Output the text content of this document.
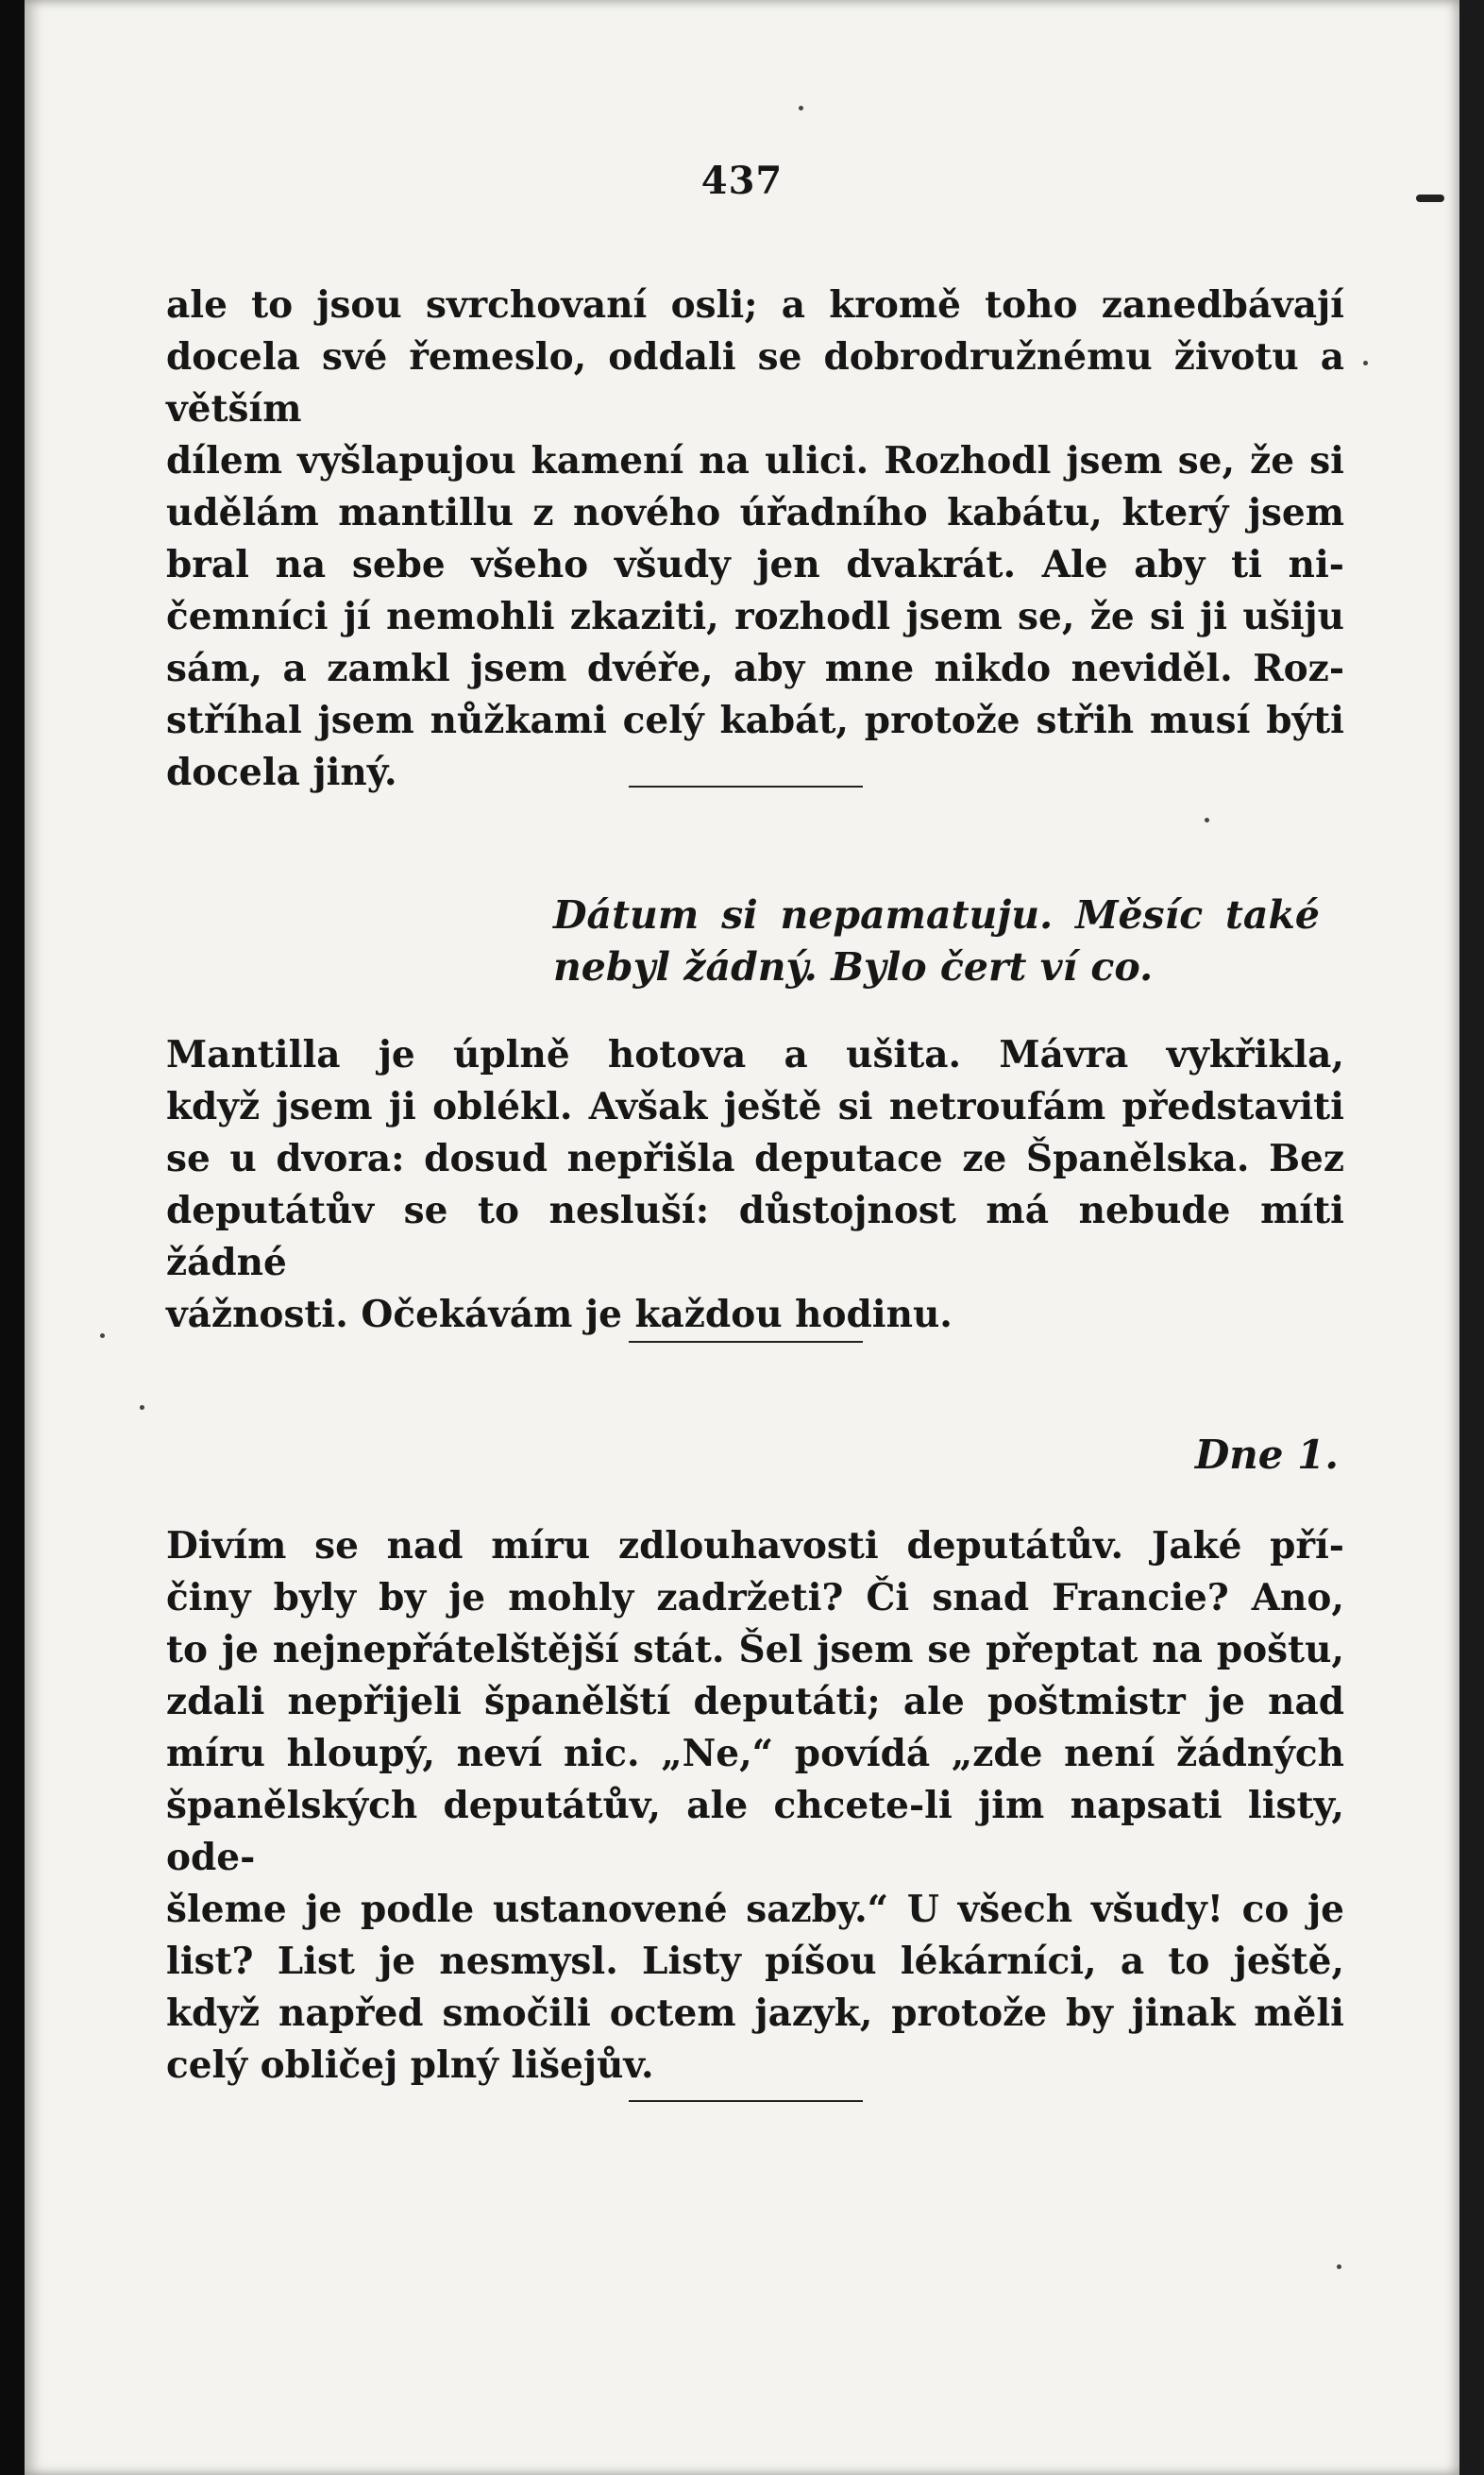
437
ale to jsou svrchovaní osli; a kromě toho zanedbávají
docela své řemeslo, oddali se dobrodružnému životu a větším
dílem vyšlapujou kamení na ulici. Rozhodl jsem se, že si
udělám mantillu z nového úřadního kabátu, který jsem
bral na sebe všeho všudy jen dvakrát. Ale aby ti ni-
čemníci jí nemohli zkaziti, rozhodl jsem se, že si ji ušiju
sám, a zamkl jsem dvéře, aby mne nikdo neviděl. Roz-
stříhal jsem nůžkami celý kabát, protože střih musí býti
docela jiný.
Dátum si nepamatuju. Měsíc také
nebyl žádný. Bylo čert ví co.
Mantilla je úplně hotova a ušita. Mávra vykřikla,
když jsem ji oblékl. Avšak ještě si netroufám představiti
se u dvora: dosud nepřišla deputace ze Španělska. Bez
deputátův se to nesluší: důstojnost má nebude míti žádné
vážnosti. Očekávám je každou hodinu.
Dne 1.
Divím se nad míru zdlouhavosti deputátův. Jaké pří-
činy byly by je mohly zadržeti? Či snad Francie? Ano,
to je nejnepřátelštější stát. Šel jsem se přeptat na poštu,
zdali nepřijeli španělští deputáti; ale poštmistr je nad
míru hloupý, neví nic. „Ne,“ povídá „zde není žádných
španělských deputátův, ale chcete-li jim napsati listy, ode-
šleme je podle ustanovené sazby.“ U všech všudy! co je
list? List je nesmysl. Listy píšou lékárníci, a to ještě,
když napřed smočili octem jazyk, protože by jinak měli
celý obličej plný lišejův.
